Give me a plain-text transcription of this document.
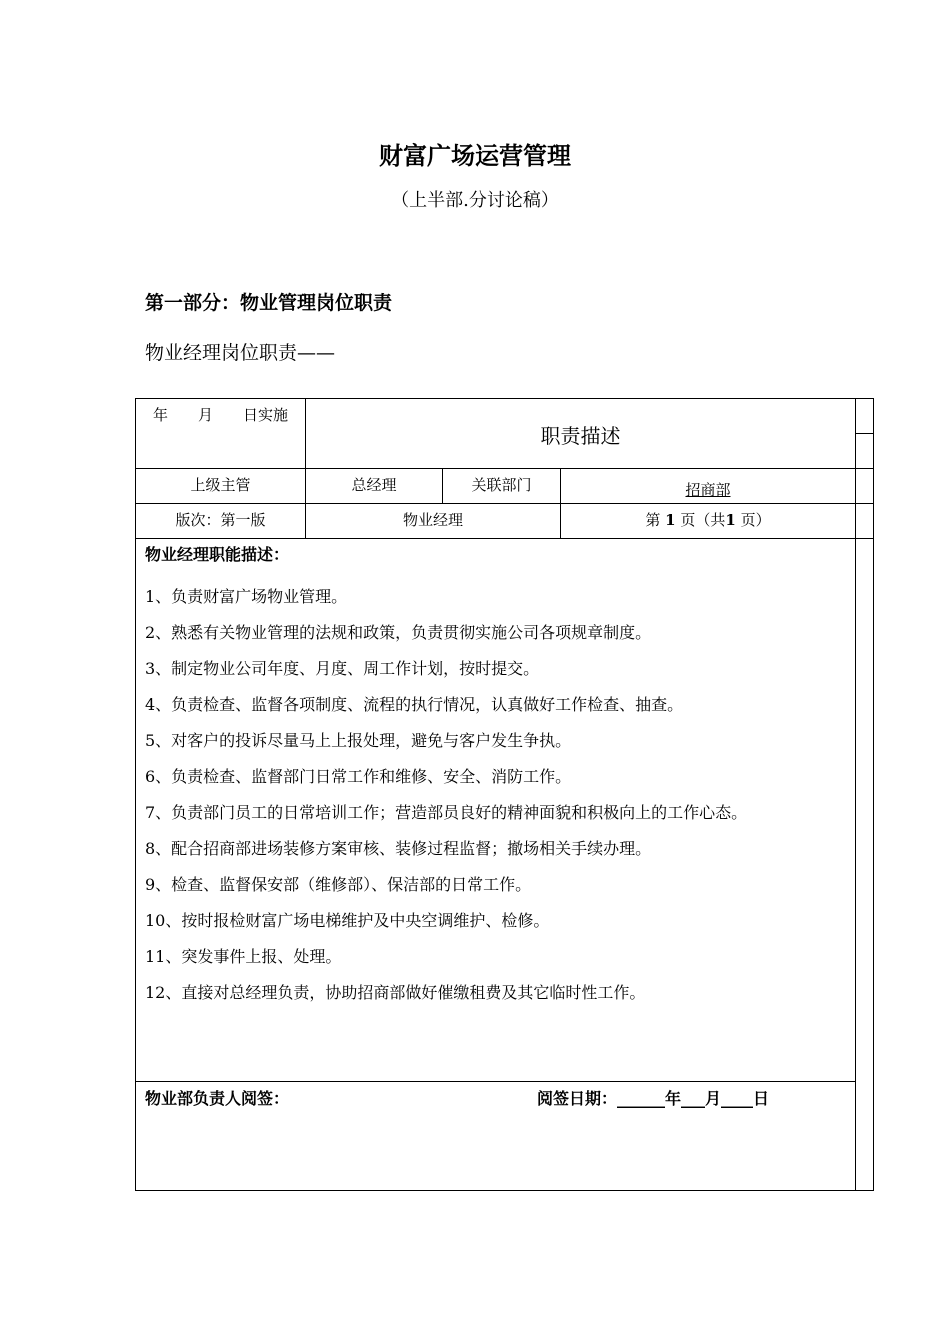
财富广场运营管理
（上半部.分讨论稿）
第一部分：物业管理岗位职责
物业经理岗位职责——
年　　月　　日实施
职责描述
上级主管	总经理	关联部门	招商部
版次：第一版	物业经理	第 1 页（共1 页）
物业经理职能描述：
1、负责财富广场物业管理。
2、熟悉有关物业管理的法规和政策，负责贯彻实施公司各项规章制度。
3、制定物业公司年度、月度、周工作计划，按时提交。
4、负责检查、监督各项制度、流程的执行情况，认真做好工作检查、抽查。
5、对客户的投诉尽量马上上报处理，避免与客户发生争执。
6、负责检查、监督部门日常工作和维修、安全、消防工作。
7、负责部门员工的日常培训工作；营造部员良好的精神面貌和积极向上的工作心态。
8、配合招商部进场装修方案审核、装修过程监督；撤场相关手续办理。
9、检查、监督保安部（维修部）、保洁部的日常工作。
10、按时报检财富广场电梯维护及中央空调维护、检修。
11、突发事件上报、处理。
12、直接对总经理负责，协助招商部做好催缴租费及其它临时性工作。
物业部负责人阅签：	阅签日期：______年___月____日
